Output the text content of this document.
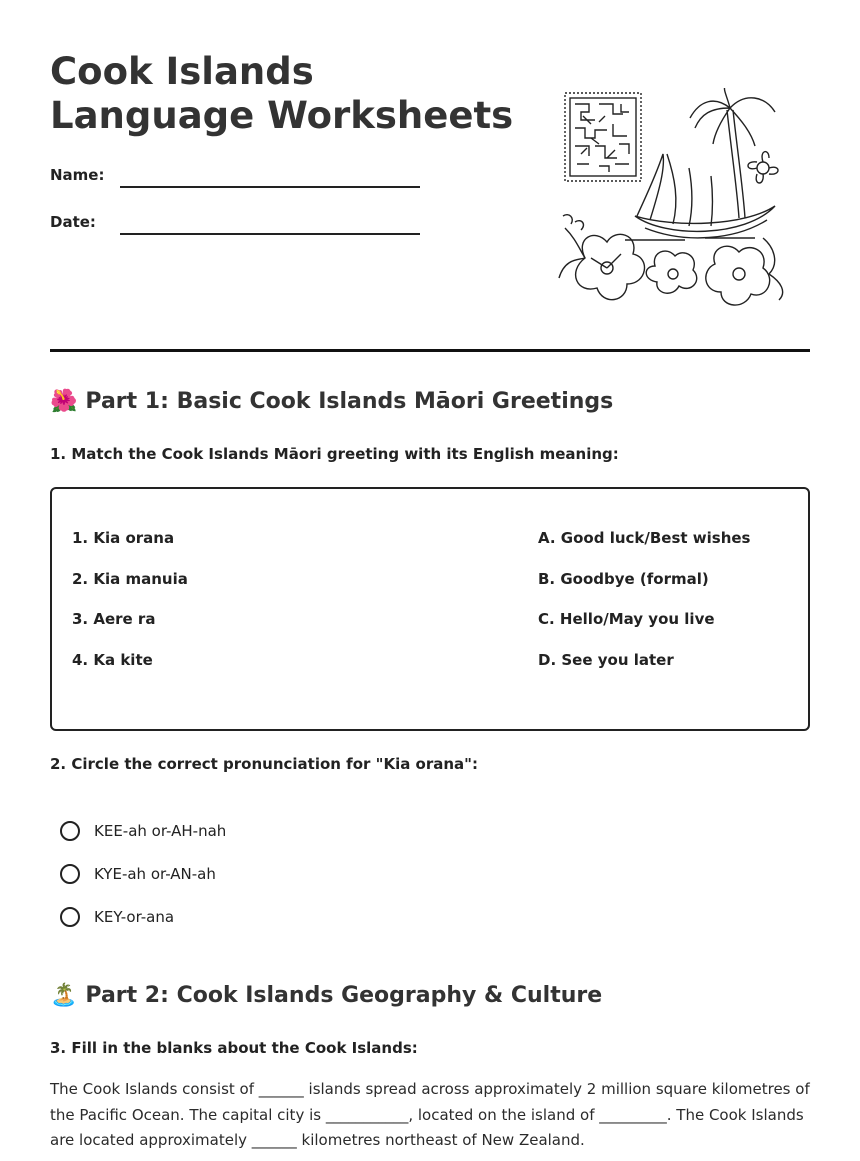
Cook Islands Language Worksheets
Name:
Date:
🌺 Part 1: Basic Cook Islands Māori Greetings
1. Match the Cook Islands Māori greeting with its English meaning:
1. Kia orana
2. Kia manuia
3. Aere ra
4. Ka kite
A. Good luck/Best wishes
B. Goodbye (formal)
C. Hello/May you live
D. See you later
2. Circle the correct pronunciation for "Kia orana":
KEE-ah or-AH-nah
KYE-ah or-AN-ah
KEY-or-ana
🏝️ Part 2: Cook Islands Geography & Culture
3. Fill in the blanks about the Cook Islands:

The Cook Islands consist of ______ islands spread across approximately 2 million square kilometres of the Pacific Ocean. The capital city is ___________, located on the island of _________. The Cook Islands are located approximately ______ kilometres northeast of New Zealand.
